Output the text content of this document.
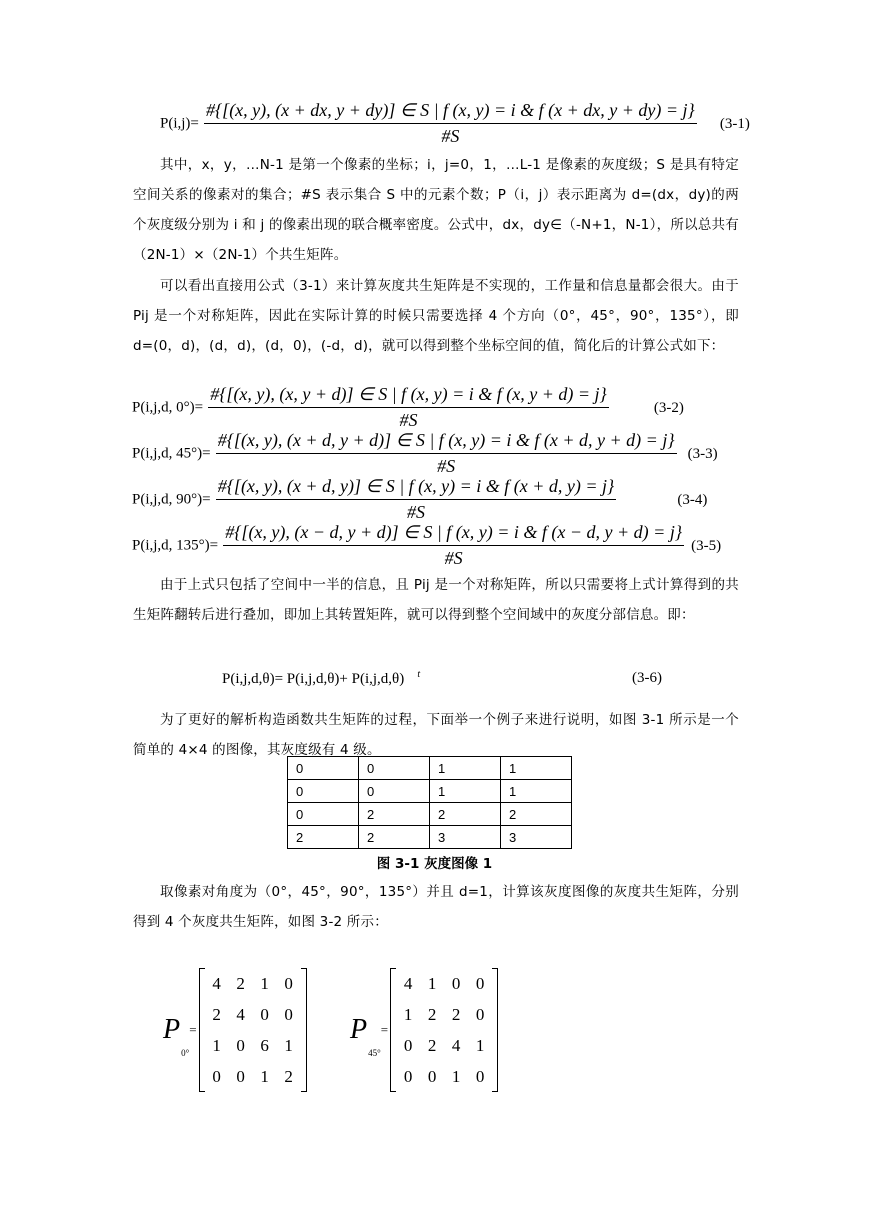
P(i,j)=
#{[(x, y), (x + dx, y + dy)] ∈ S | f (x, y) = i & f (x + dx, y + dy) = j}
#S
(3-1)
其中，x，y，…N-1 是第一个像素的坐标；i，j=0，1，…L-1 是像素的灰度级；S 是具有特定空间关系的像素对的集合；#S 表示集合 S 中的元素个数；P（i，j）表示距离为 d=(dx，dy)的两个灰度级分别为 i 和 j 的像素出现的联合概率密度。公式中，dx，dy∈（-N+1，N-1），所以总共有（2N-1）×（2N-1）个共生矩阵。
可以看出直接用公式（3-1）来计算灰度共生矩阵是不实现的，工作量和信息量都会很大。由于 Pij 是一个对称矩阵，因此在实际计算的时候只需要选择 4 个方向（0°，45°，90°，135°），即 d=(0，d)，(d，d)，(d，0)，(-d，d)，就可以得到整个坐标空间的值，简化后的计算公式如下：
P(i,j,d, 0°)=
#{[(x, y), (x, y + d)] ∈ S | f (x, y) = i & f (x, y + d) = j}
#S
(3-2)
P(i,j,d, 45°)=
#{[(x, y), (x + d, y + d)] ∈ S | f (x, y) = i & f (x + d, y + d) = j}
#S
(3-3)
P(i,j,d, 90°)=
#{[(x, y), (x + d, y)] ∈ S | f (x, y) = i & f (x + d, y) = j}
#S
(3-4)
P(i,j,d, 135°)=
#{[(x, y), (x − d, y + d)] ∈ S | f (x, y) = i & f (x − d, y + d) = j}
#S
(3-5)
由于上式只包括了空间中一半的信息，且 Pij 是一个对称矩阵，所以只需要将上式计算得到的共生矩阵翻转后进行叠加，即加上其转置矩阵，就可以得到整个空间域中的灰度分部信息。即：
P(i,j,d,θ)= P(i,j,d,θ)+ P(i,j,d,θ) $^t$	(3-6)
为了更好的解析构造函数共生矩阵的过程，下面举一个例子来进行说明，如图 3-1 所示是一个简单的 4×4 的图像，其灰度级有 4 级。
0	0	1	1
0	0	1	1
0	2	2	2
2	2	3	3
图 3-1 灰度图像 1
取像素对角度为（0°，45°，90°，135°）并且 d=1，计算该灰度图像的灰度共生矩阵，分别得到 4 个灰度共生矩阵，如图 3-2 所示：
P
0°
=
4 2 1 0
2 4 0 0
1 0 6 1
0 0 1 2
P
45°
=
4 1 0 0
1 2 2 0
0 2 4 1
0 0 1 0
